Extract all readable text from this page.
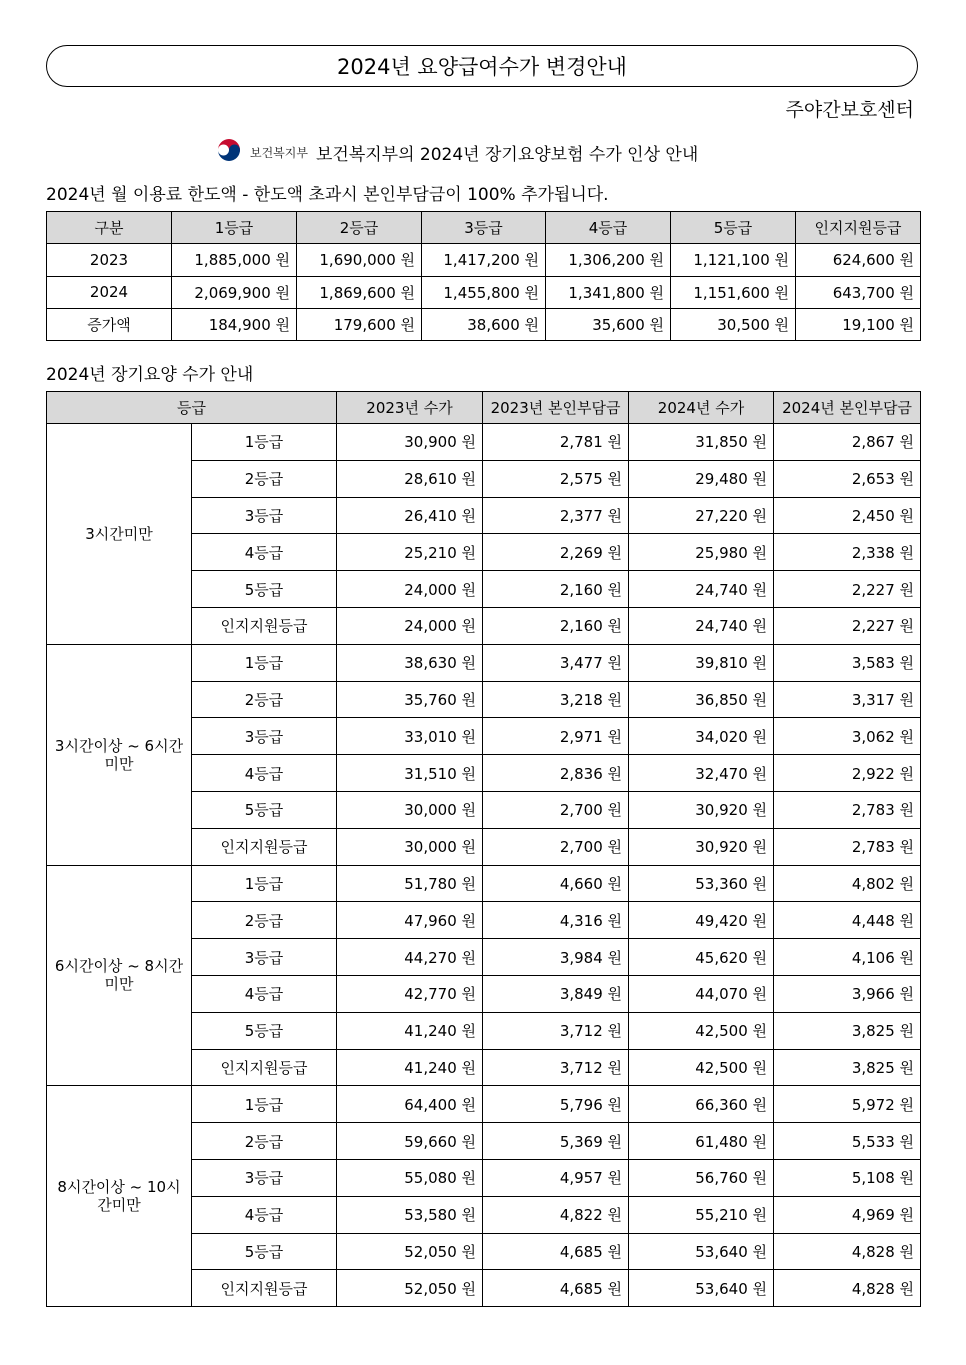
2024년 요양급여수가 변경안내
주야간보호센터
보건복지부 보건복지부의 2024년 장기요양보험 수가 인상 안내
2024년 월 이용료 한도액 - 한도액 초과시 본인부담금이 100% 추가됩니다.
구분	1등급	2등급	3등급	4등급	5등급	인지지원등급
2023	1,885,000 원	1,690,000 원	1,417,200 원	1,306,200 원	1,121,100 원	624,600 원
2024	2,069,900 원	1,869,600 원	1,455,800 원	1,341,800 원	1,151,600 원	643,700 원
증가액	184,900 원	179,600 원	38,600 원	35,600 원	30,500 원	19,100 원
2024년 장기요양 수가 안내
등급		2023년 수가	2023년 본인부담금	2024년 수가	2024년 본인부담금
3시간미만	1등급	30,900 원	2,781 원	31,850 원	2,867 원
	2등급	28,610 원	2,575 원	29,480 원	2,653 원
	3등급	26,410 원	2,377 원	27,220 원	2,450 원
	4등급	25,210 원	2,269 원	25,980 원	2,338 원
	5등급	24,000 원	2,160 원	24,740 원	2,227 원
	인지지원등급	24,000 원	2,160 원	24,740 원	2,227 원
3시간이상 ~ 6시간미만	1등급	38,630 원	3,477 원	39,810 원	3,583 원
	2등급	35,760 원	3,218 원	36,850 원	3,317 원
	3등급	33,010 원	2,971 원	34,020 원	3,062 원
	4등급	31,510 원	2,836 원	32,470 원	2,922 원
	5등급	30,000 원	2,700 원	30,920 원	2,783 원
	인지지원등급	30,000 원	2,700 원	30,920 원	2,783 원
6시간이상 ~ 8시간미만	1등급	51,780 원	4,660 원	53,360 원	4,802 원
	2등급	47,960 원	4,316 원	49,420 원	4,448 원
	3등급	44,270 원	3,984 원	45,620 원	4,106 원
	4등급	42,770 원	3,849 원	44,070 원	3,966 원
	5등급	41,240 원	3,712 원	42,500 원	3,825 원
	인지지원등급	41,240 원	3,712 원	42,500 원	3,825 원
8시간이상 ~ 10시간미만	1등급	64,400 원	5,796 원	66,360 원	5,972 원
	2등급	59,660 원	5,369 원	61,480 원	5,533 원
	3등급	55,080 원	4,957 원	56,760 원	5,108 원
	4등급	53,580 원	4,822 원	55,210 원	4,969 원
	5등급	52,050 원	4,685 원	53,640 원	4,828 원
	인지지원등급	52,050 원	4,685 원	53,640 원	4,828 원
